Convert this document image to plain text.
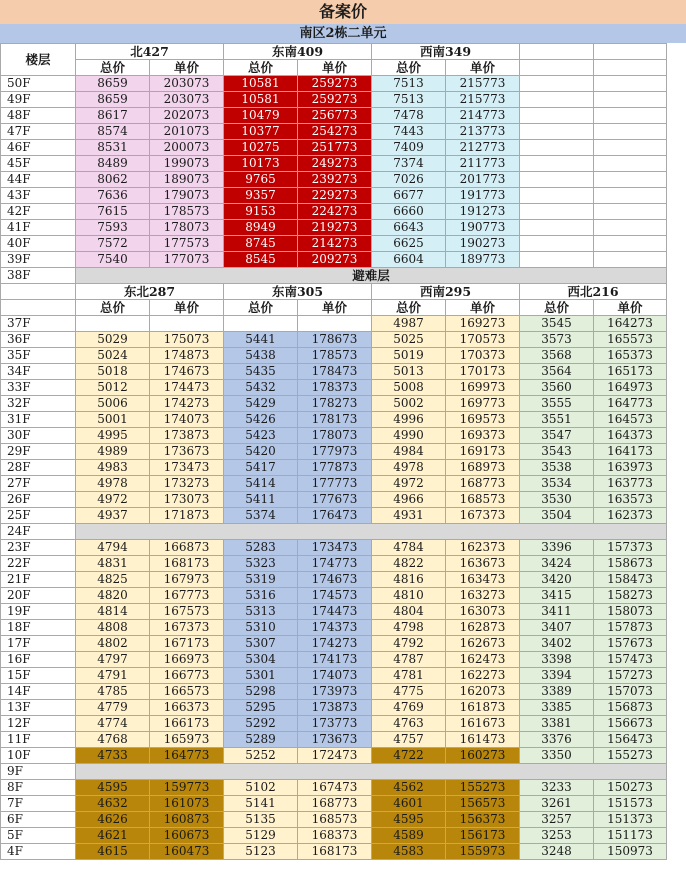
备案价
南区2栋二单元
楼层	北427		东南409		西南349			
	总价	单价	总价	单价	总价	单价		
50F	8659	203073	10581	259273	7513	215773		
49F	8659	203073	10581	259273	7513	215773		
48F	8617	202073	10479	256773	7478	214773		
47F	8574	201073	10377	254273	7443	213773		
46F	8531	200073	10275	251773	7409	212773		
45F	8489	199073	10173	249273	7374	211773		
44F	8062	189073	9765	239273	7026	201773		
43F	7636	179073	9357	229273	6677	191773		
42F	7615	178573	9153	224273	6660	191273		
41F	7593	178073	8949	219273	6643	190773		
40F	7572	177573	8745	214273	6625	190273		
39F	7540	177073	8545	209273	6604	189773		
38F	避难层							
	东北287		东南305		西南295		西北216	
	总价	单价	总价	单价	总价	单价	总价	单价
37F					4987	169273	3545	164273
36F	5029	175073	5441	178673	5025	170573	3573	165573
35F	5024	174873	5438	178573	5019	170373	3568	165373
34F	5018	174673	5435	178473	5013	170173	3564	165173
33F	5012	174473	5432	178373	5008	169973	3560	164973
32F	5006	174273	5429	178273	5002	169773	3555	164773
31F	5001	174073	5426	178173	4996	169573	3551	164573
30F	4995	173873	5423	178073	4990	169373	3547	164373
29F	4989	173673	5420	177973	4984	169173	3543	164173
28F	4983	173473	5417	177873	4978	168973	3538	163973
27F	4978	173273	5414	177773	4972	168773	3534	163773
26F	4972	173073	5411	177673	4966	168573	3530	163573
25F	4937	171873	5374	176473	4931	167373	3504	162373
24F								
23F	4794	166873	5283	173473	4784	162373	3396	157373
22F	4831	168173	5323	174773	4822	163673	3424	158673
21F	4825	167973	5319	174673	4816	163473	3420	158473
20F	4820	167773	5316	174573	4810	163273	3415	158273
19F	4814	167573	5313	174473	4804	163073	3411	158073
18F	4808	167373	5310	174373	4798	162873	3407	157873
17F	4802	167173	5307	174273	4792	162673	3402	157673
16F	4797	166973	5304	174173	4787	162473	3398	157473
15F	4791	166773	5301	174073	4781	162273	3394	157273
14F	4785	166573	5298	173973	4775	162073	3389	157073
13F	4779	166373	5295	173873	4769	161873	3385	156873
12F	4774	166173	5292	173773	4763	161673	3381	156673
11F	4768	165973	5289	173673	4757	161473	3376	156473
10F	4733	164773	5252	172473	4722	160273	3350	155273
9F								
8F	4595	159773	5102	167473	4562	155273	3233	150273
7F	4632	161073	5141	168773	4601	156573	3261	151573
6F	4626	160873	5135	168573	4595	156373	3257	151373
5F	4621	160673	5129	168373	4589	156173	3253	151173
4F	4615	160473	5123	168173	4583	155973	3248	150973
